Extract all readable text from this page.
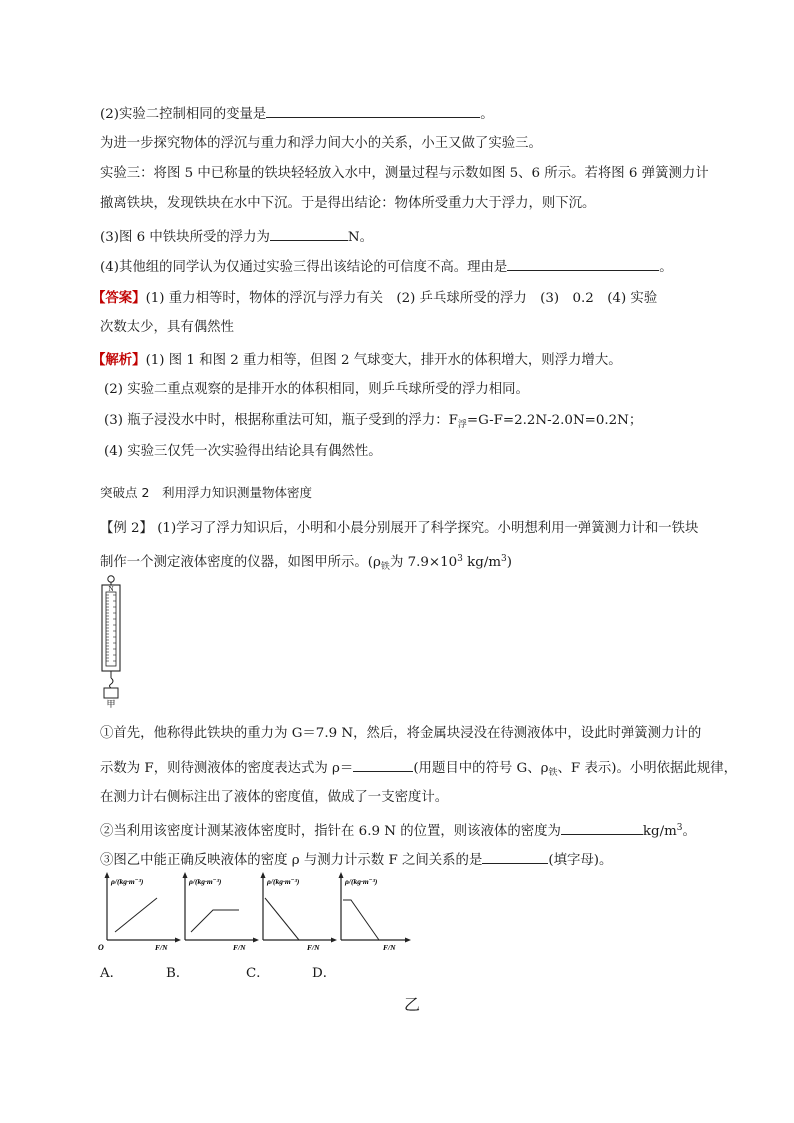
(2)实验二控制相同的变量是	。
为进一步探究物体的浮沉与重力和浮力间大小的关系，小王又做了实验三。
实验三：将图 5 中已称量的铁块轻轻放入水中，测量过程与示数如图 5、6 所示。若将图 6 弹簧测力计
撤离铁块，发现铁块在水中下沉。于是得出结论：物体所受重力大于浮力，则下沉。
(3)图 6 中铁块所受的浮力为	N。
(4)其他组的同学认为仅通过实验三得出该结论的可信度不高。理由是	。
【答案】(1) 重力相等时，物体的浮沉与浮力有关　(2) 乒乓球所受的浮力　(3)　0.2　(4) 实验
次数太少，具有偶然性
【解析】(1) 图 1 和图 2 重力相等，但图 2 气球变大，排开水的体积增大，则浮力增大。
(2) 实验二重点观察的是排开水的体积相同，则乒乓球所受的浮力相同。
(3) 瓶子浸没水中时，根据称重法可知，瓶子受到的浮力：$F_浮=G-F=2.2N-2.0N=0.2N$；
(4) 实验三仅凭一次实验得出结论具有偶然性。
突破点 2　 利用浮力知识测量物体密度
【例 2】 (1)学习了浮力知识后，小明和小晨分别展开了科学探究。小明想利用一弹簧测力计和一铁块
制作一个测定液体密度的仪器，如图甲所示。($\rho_铁$为 $7.9\times 10^3$ $kg/m^3$)
N
甲
①首先，他称得此铁块的重力为 G＝7.9 N，然后，将金属块浸没在待测液体中，设此时弹簧测力计的
示数为 F，则待测液体的密度表达式为 ρ＝	(用题目中的符号 G、$\rho_铁$、F 表示)。小明依据此规律，
在测力计右侧标注出了液体的密度值，做成了一支密度计。
②当利用该密度计测某液体密度时，指针在 6.9 N 的位置，则该液体的密度为	$kg/m^3$。
③图乙中能正确反映液体的密度 ρ 与测力计示数 F 之间关系的是	(填字母)。
ρ/(kg·m⁻³)
O	F/N
ρ/(kg·m⁻³)
F/N
ρ/(kg·m⁻³)
F/N
ρ/(kg·m⁻³)
F/N
A．	B．	C．	D．
乙
